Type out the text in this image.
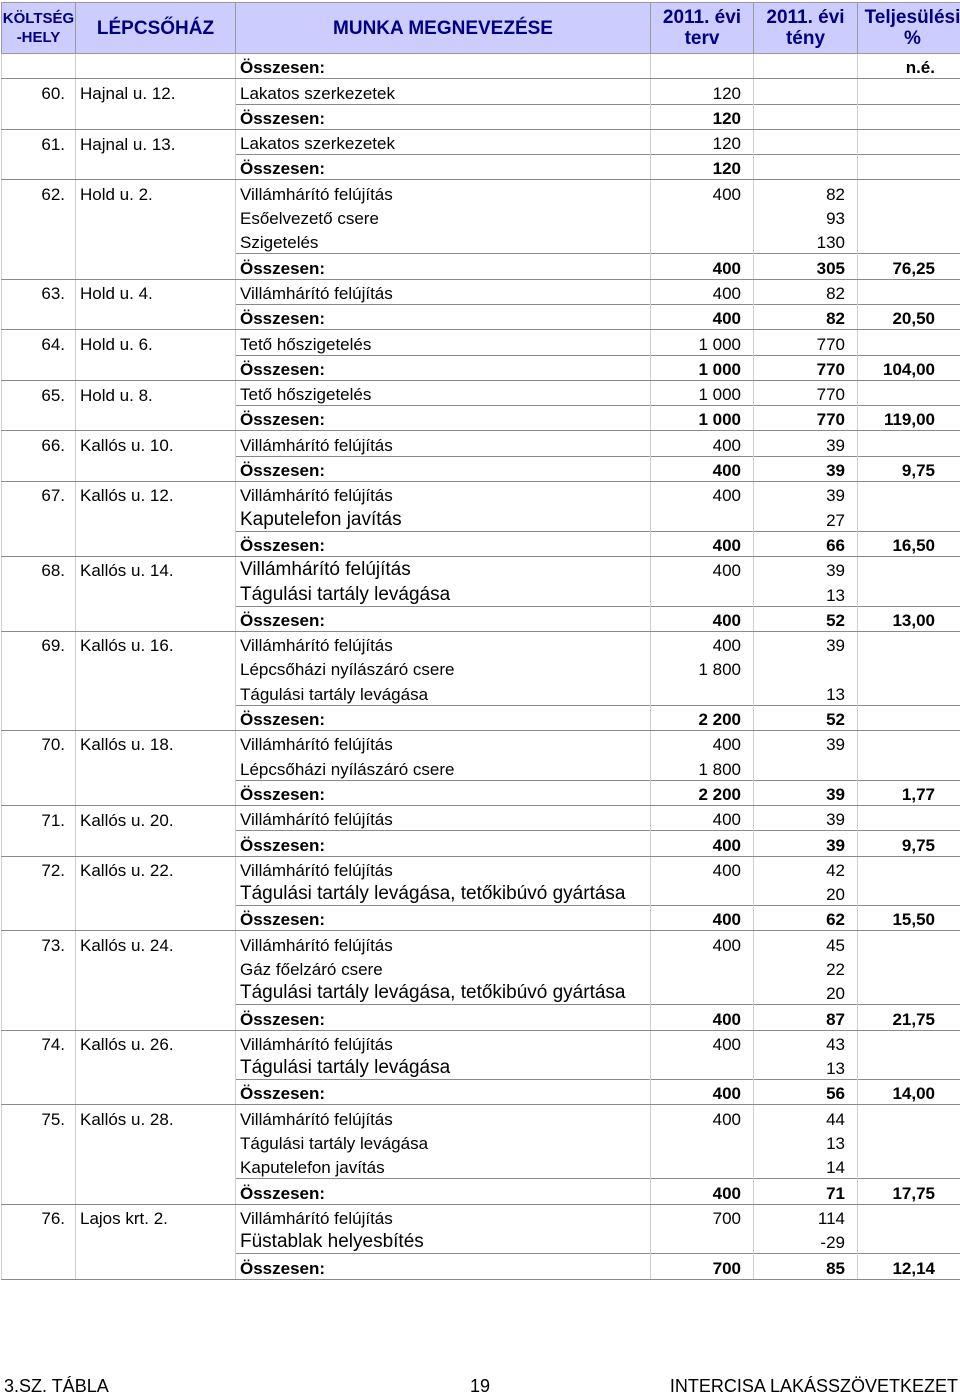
KÖLTSÉG -HELY	LÉPCSŐHÁZ	MUNKA MEGNEVEZÉSE	2011. évi terv	2011. évi tény	Teljesülési %
		Összesen:			n.é.
60.	Hajnal u. 12.	Lakatos szerkezetek	120		
		Összesen:	120		
61.	Hajnal u. 13.	Lakatos szerkezetek	120		
		Összesen:	120		
62.	Hold u. 2.	Villámhárító felújítás	400	82	
		Esőelvezető csere		93	
		Szigetelés		130	
		Összesen:	400	305	76,25
63.	Hold u. 4.	Villámhárító felújítás	400	82	
		Összesen:	400	82	20,50
64.	Hold u. 6.	Tető hőszigetelés	1 000	770	
		Összesen:	1 000	770	104,00
65.	Hold u. 8.	Tető hőszigetelés	1 000	770	
		Összesen:	1 000	770	119,00
66.	Kallós u. 10.	Villámhárító felújítás	400	39	
		Összesen:	400	39	9,75
67.	Kallós u. 12.	Villámhárító felújítás	400	39	
		Kaputelefon javítás		27	
		Összesen:	400	66	16,50
68.	Kallós u. 14.	Villámhárító felújítás	400	39	
		Tágulási tartály levágása		13	
		Összesen:	400	52	13,00
69.	Kallós u. 16.	Villámhárító felújítás	400	39	
		Lépcsőházi nyílászáró csere	1 800		
		Tágulási tartály levágása		13	
		Összesen:	2 200	52	
70.	Kallós u. 18.	Villámhárító felújítás	400	39	
		Lépcsőházi nyílászáró csere	1 800		
		Összesen:	2 200	39	1,77
71.	Kallós u. 20.	Villámhárító felújítás	400	39	
		Összesen:	400	39	9,75
72.	Kallós u. 22.	Villámhárító felújítás	400	42	
		Tágulási tartály levágása, tetőkibúvó gyártása		20	
		Összesen:	400	62	15,50
73.	Kallós u. 24.	Villámhárító felújítás	400	45	
		Gáz főelzáró csere		22	
		Tágulási tartály levágása, tetőkibúvó gyártása		20	
		Összesen:	400	87	21,75
74.	Kallós u. 26.	Villámhárító felújítás	400	43	
		Tágulási tartály levágása		13	
		Összesen:	400	56	14,00
75.	Kallós u. 28.	Villámhárító felújítás	400	44	
		Tágulási tartály levágása		13	
		Kaputelefon javítás		14	
		Összesen:	400	71	17,75
76.	Lajos krt. 2.	Villámhárító felújítás	700	114	
		Füstablak helyesbítés		-29	
		Összesen:	700	85	12,14
3.SZ. TÁBLA	19	INTERCISA LAKÁSSZÖVETKEZET
